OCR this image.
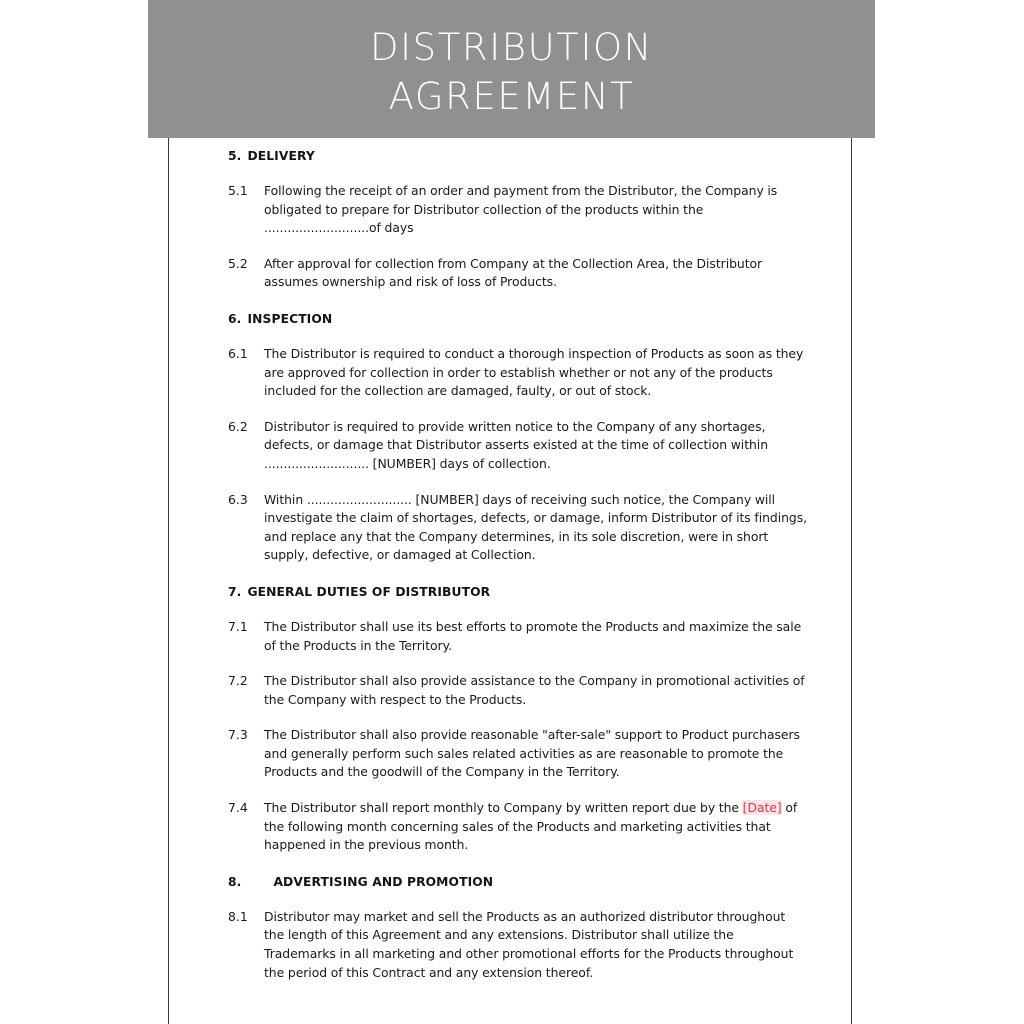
DISTRIBUTION
AGREEMENT
5. DELIVERY
5.1	Following the receipt of an order and payment from the Distributor, the Company is obligated to prepare for Distributor collection of the products within the ...........................of days
5.2	After approval for collection from Company at the Collection Area, the Distributor assumes ownership and risk of loss of Products.
6. INSPECTION
6.1	The Distributor is required to conduct a thorough inspection of Products as soon as they are approved for collection in order to establish whether or not any of the products included for the collection are damaged, faulty, or out of stock.
6.2	Distributor is required to provide written notice to the Company of any shortages, defects, or damage that Distributor asserts existed at the time of collection within ........................... [NUMBER] days of collection.
6.3	Within ........................... [NUMBER] days of receiving such notice, the Company will investigate the claim of shortages, defects, or damage, inform Distributor of its findings, and replace any that the Company determines, in its sole discretion, were in short supply, defective, or damaged at Collection.
7. GENERAL DUTIES OF DISTRIBUTOR
7.1	The Distributor shall use its best efforts to promote the Products and maximize the sale of the Products in the Territory.
7.2	The Distributor shall also provide assistance to the Company in promotional activities of the Company with respect to the Products.
7.3	The Distributor shall also provide reasonable "after-sale" support to Product purchasers and generally perform such sales related activities as are reasonable to promote the Products and the goodwill of the Company in the Territory.
7.4	The Distributor shall report monthly to Company by written report due by the [Date] of the following month concerning sales of the Products and marketing activities that happened in the previous month.
8.	ADVERTISING AND PROMOTION
8.1	Distributor may market and sell the Products as an authorized distributor throughout the length of this Agreement and any extensions. Distributor shall utilize the Trademarks in all marketing and other promotional efforts for the Products throughout the period of this Contract and any extension thereof.
